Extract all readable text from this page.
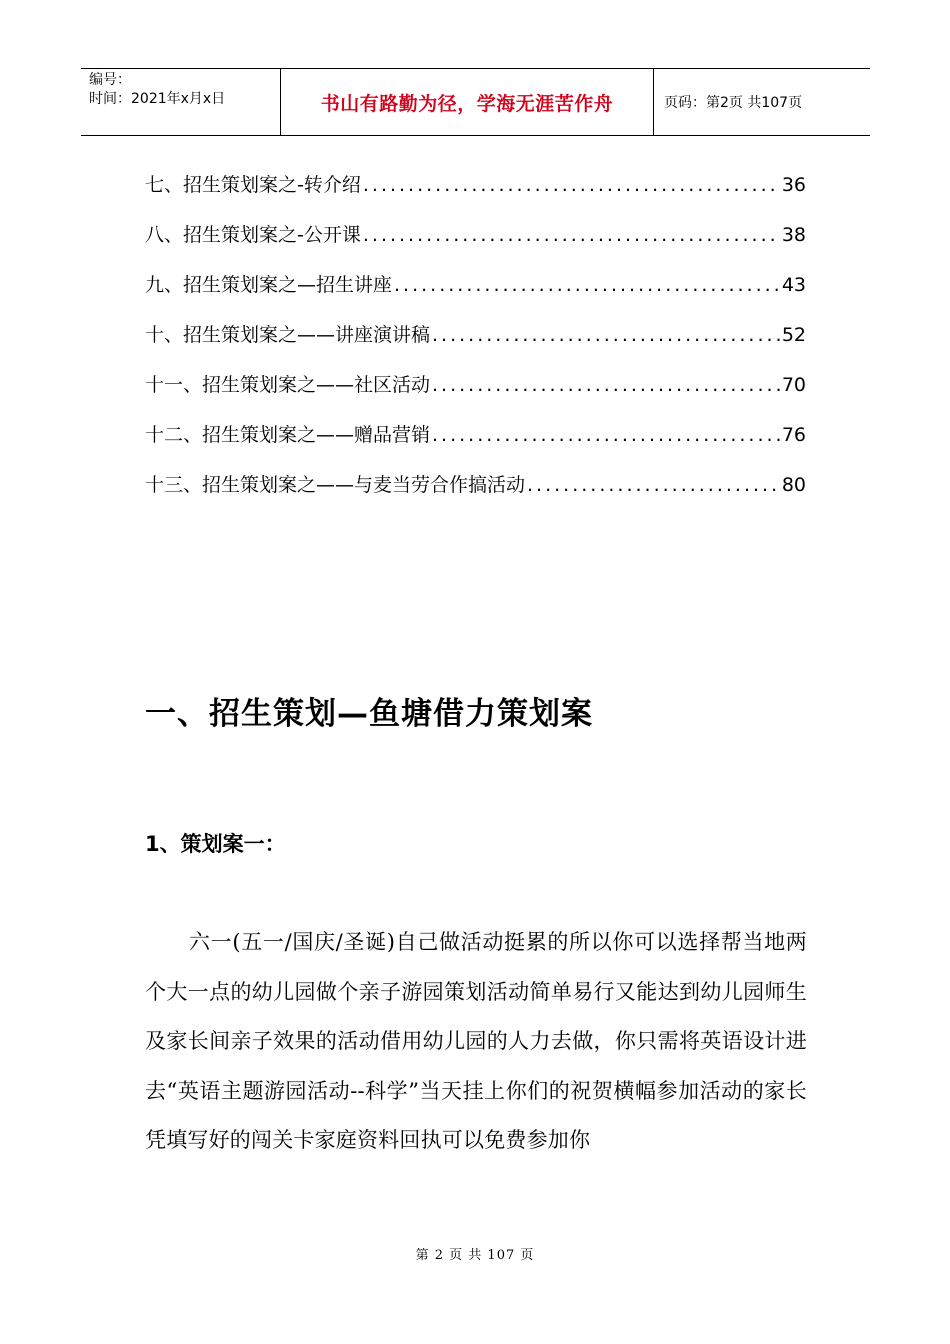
编号：
时间：2021年x月x日	书山有路勤为径，学海无涯苦作舟	页码：第2页 共107页
七、招生策划案之-转介绍 .....	36
八、招生策划案之-公开课 .....	38
九、招生策划案之—招生讲座 .....	43
十、招生策划案之——讲座演讲稿 .....	52
十一、招生策划案之——社区活动 .....	70
十二、招生策划案之——赠品营销 .....	76
十三、招生策划案之——与麦当劳合作搞活动 .....	80
一、招生策划—鱼塘借力策划案
1、策划案一：

六一(五一/国庆/圣诞)自己做活动挺累的所以你可以选择帮当地两个大一点的幼儿园做个亲子游园策划活动简单易行又能达到幼儿园师生及家长间亲子效果的活动借用幼儿园的人力去做，你只需将英语设计进去“英语主题游园活动--科学”当天挂上你们的祝贺横幅参加活动的家长凭填写好的闯关卡家庭资料回执可以免费参加你

第 2 页 共 107 页
